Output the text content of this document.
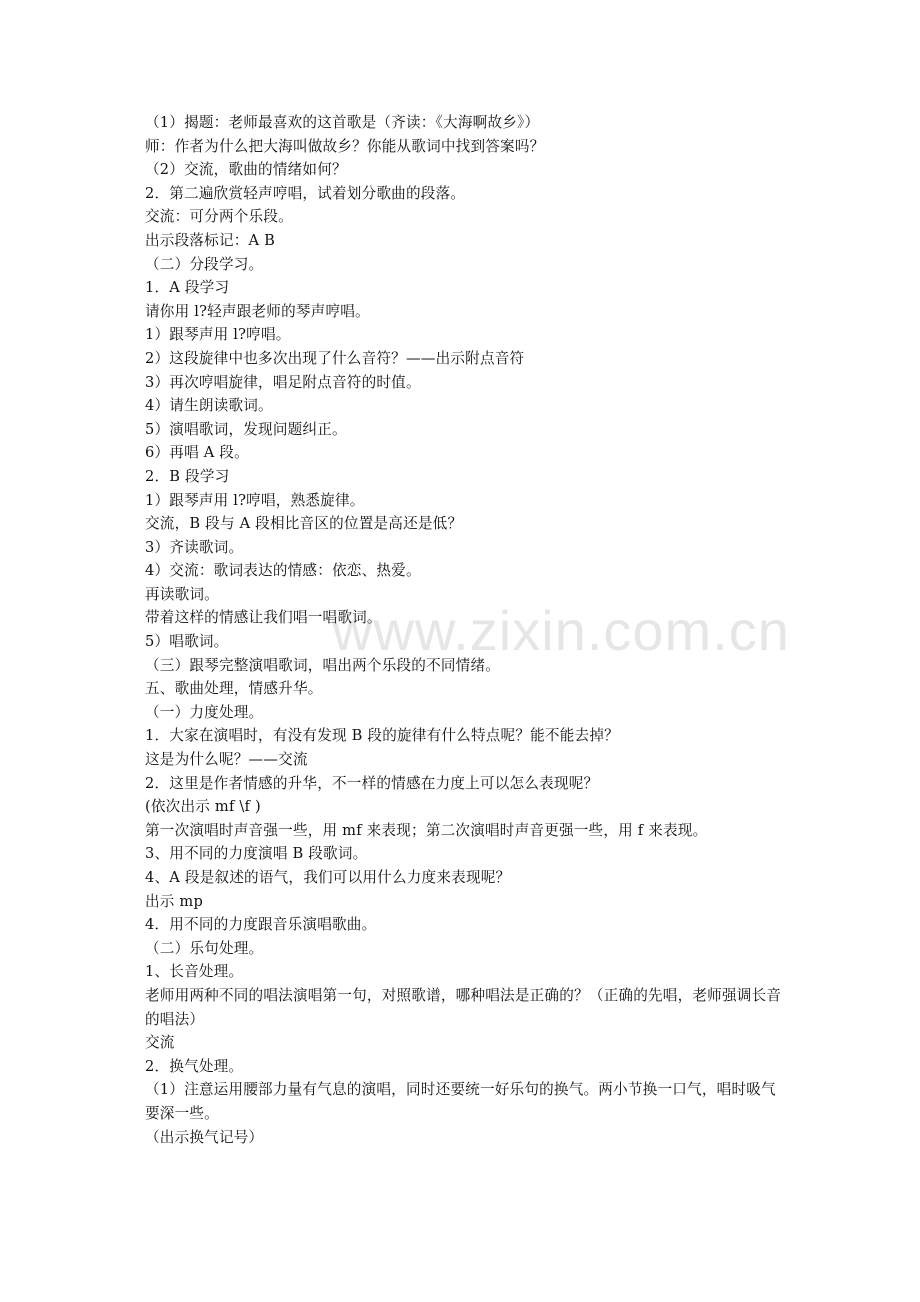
www.zixin.com.cn
（1）揭题：老师最喜欢的这首歌是（齐读：《大海啊故乡》）
师：作者为什么把大海叫做故乡？你能从歌词中找到答案吗？
（2）交流，歌曲的情绪如何？
2．第二遍欣赏轻声哼唱，试着划分歌曲的段落。
交流：可分两个乐段。
出示段落标记：A B
（二）分段学习。
1．A 段学习
请你用 l?轻声跟老师的琴声哼唱。
1）跟琴声用 l?哼唱。
2）这段旋律中也多次出现了什么音符？——出示附点音符
3）再次哼唱旋律，唱足附点音符的时值。
4）请生朗读歌词。
5）演唱歌词，发现问题纠正。
6）再唱 A 段。
2．B 段学习
1）跟琴声用 l?哼唱，熟悉旋律。
交流，B 段与 A 段相比音区的位置是高还是低？
3）齐读歌词。
4）交流：歌词表达的情感：依恋、热爱。
再读歌词。
带着这样的情感让我们唱一唱歌词。
5）唱歌词。
（三）跟琴完整演唱歌词，唱出两个乐段的不同情绪。
五、歌曲处理，情感升华。
（一）力度处理。
1．大家在演唱时，有没有发现 B 段的旋律有什么特点呢？能不能去掉？
这是为什么呢？——交流
2．这里是作者情感的升华，不一样的情感在力度上可以怎么表现呢？
(依次出示 mf \f )
第一次演唱时声音强一些，用 mf 来表现；第二次演唱时声音更强一些，用 f 来表现。
3、用不同的力度演唱 B 段歌词。
4、A 段是叙述的语气，我们可以用什么力度来表现呢？
出示 mp
4．用不同的力度跟音乐演唱歌曲。
（二）乐句处理。
1、长音处理。
老师用两种不同的唱法演唱第一句，对照歌谱，哪种唱法是正确的？（正确的先唱，老师强调长音的唱法）
交流
2．换气处理。
（1）注意运用腰部力量有气息的演唱，同时还要统一好乐句的换气。两小节换一口气，唱时吸气要深一些。
（出示换气记号）
